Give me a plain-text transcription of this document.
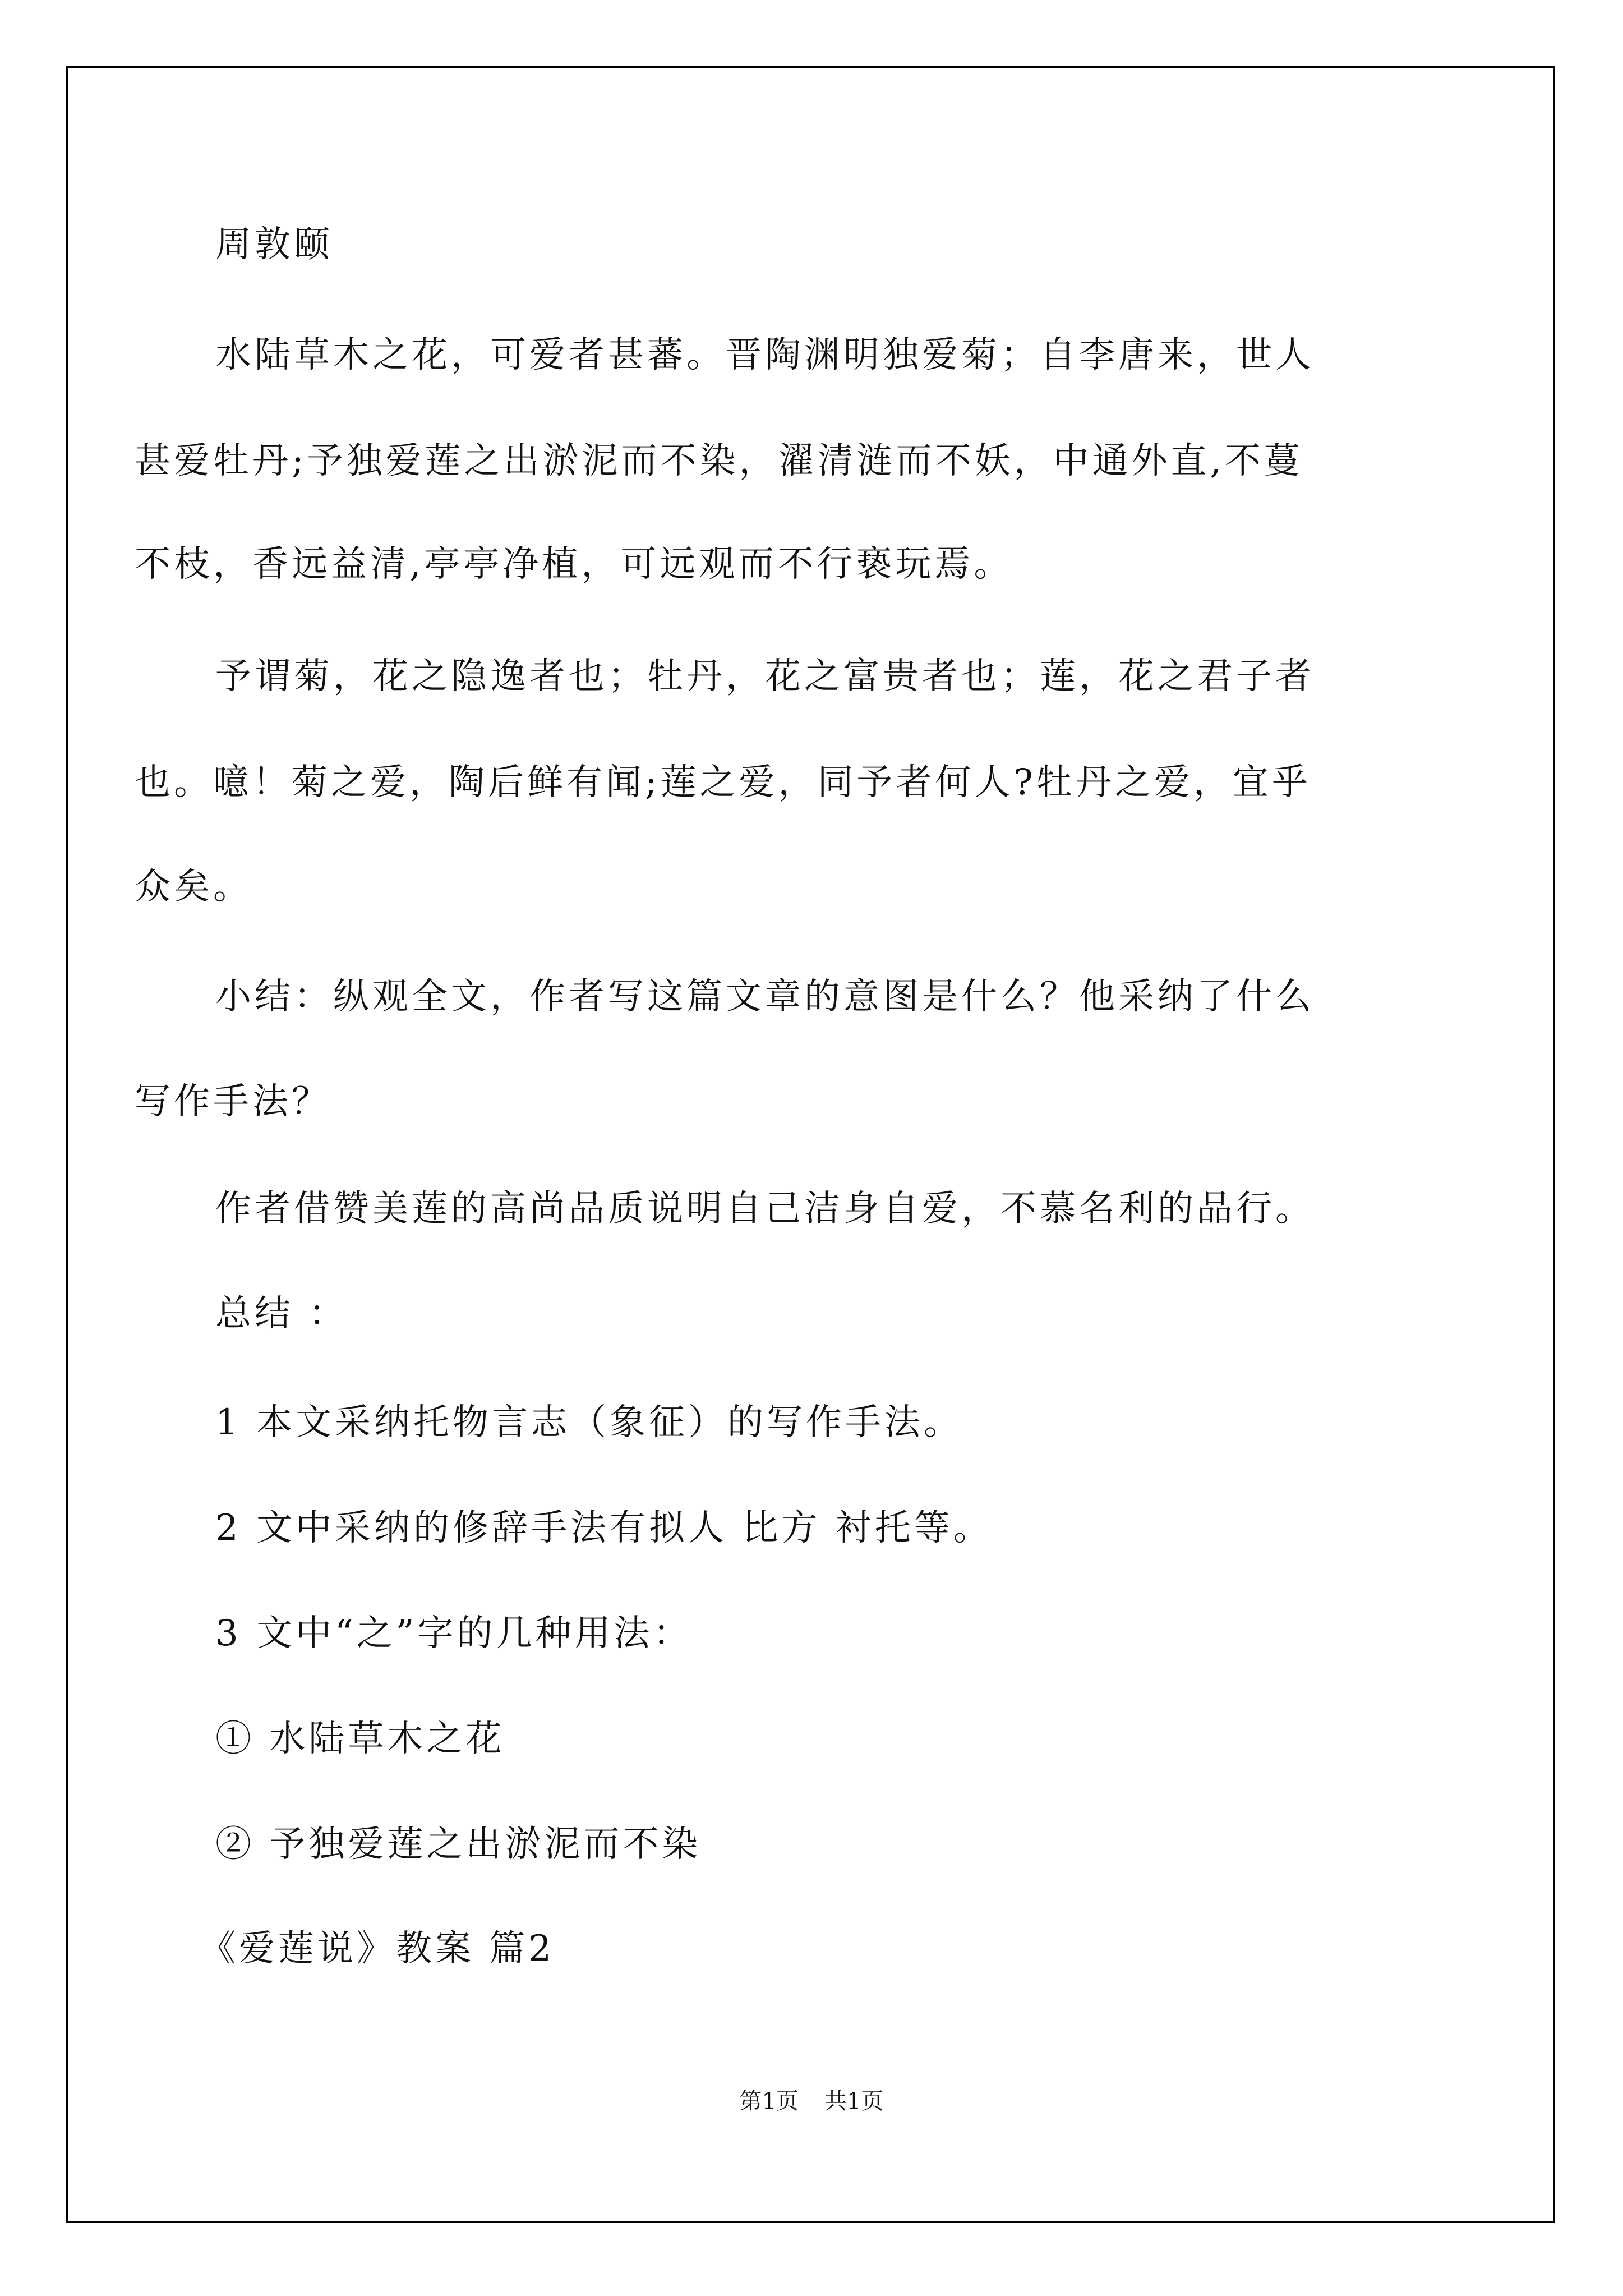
周敦颐
水陆草木之花，可爱者甚蕃。晋陶渊明独爱菊；自李唐来，世人
甚爱牡丹;予独爱莲之出淤泥而不染，濯清涟而不妖，中通外直,不蔓
不枝，香远益清,亭亭净植，可远观而不行亵玩焉。
予谓菊，花之隐逸者也；牡丹，花之富贵者也；莲，花之君子者
也。噫！菊之爱，陶后鲜有闻;莲之爱，同予者何人?牡丹之爱，宜乎
众矣。
小结：纵观全文，作者写这篇文章的意图是什么？他采纳了什么
写作手法？
作者借赞美莲的高尚品质说明自己洁身自爱，不慕名利的品行。
总结 ：
1 本文采纳托物言志（象征）的写作手法。
2 文中采纳的修辞手法有拟人 比方 衬托等。
3 文中“之”字的几种用法：
① 水陆草木之花
② 予独爱莲之出淤泥而不染
《爱莲说》教案 篇2
第1页 共1页
